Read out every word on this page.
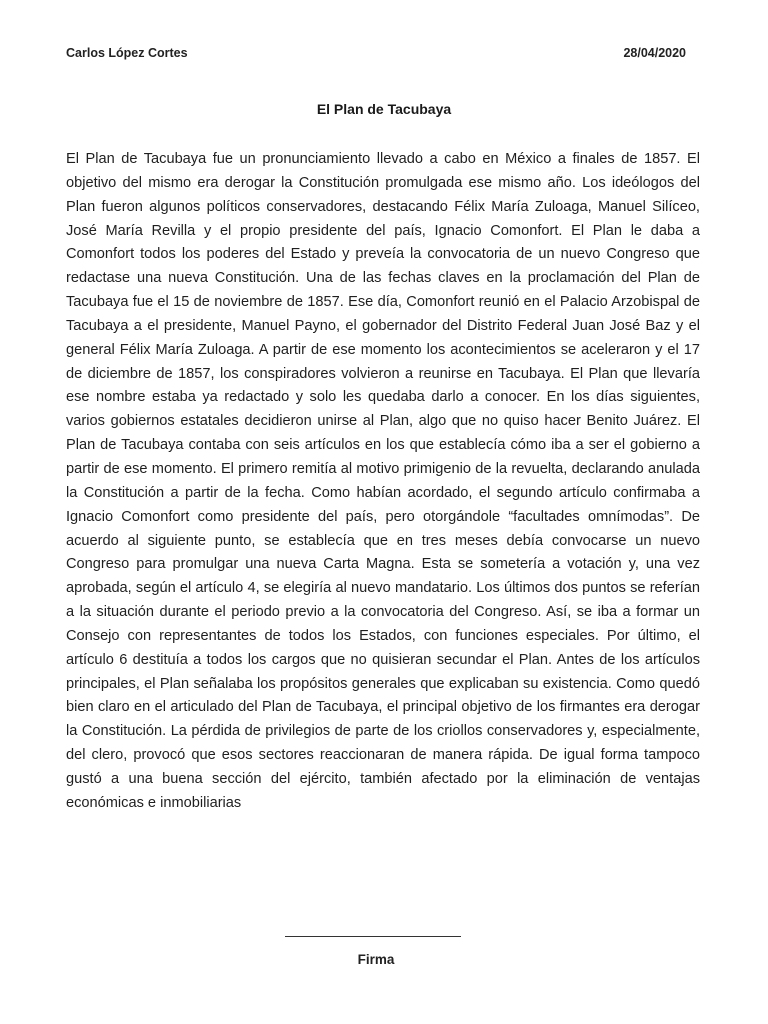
Carlos López Cortes	28/04/2020
El Plan de Tacubaya

El Plan de Tacubaya fue un pronunciamiento llevado a cabo en México a finales de 1857. El objetivo del mismo era derogar la Constitución promulgada ese mismo año. Los ideólogos del Plan fueron algunos políticos conservadores, destacando Félix María Zuloaga, Manuel Silíceo, José María Revilla y el propio presidente del país, Ignacio Comonfort. El Plan le daba a Comonfort todos los poderes del Estado y preveía la convocatoria de un nuevo Congreso que redactase una nueva Constitución. Una de las fechas claves en la proclamación del Plan de Tacubaya fue el 15 de noviembre de 1857. Ese día, Comonfort reunió en el Palacio Arzobispal de Tacubaya a el presidente, Manuel Payno, el gobernador del Distrito Federal Juan José Baz y el general Félix María Zuloaga. A partir de ese momento los acontecimientos se aceleraron y el 17 de diciembre de 1857, los conspiradores volvieron a reunirse en Tacubaya. El Plan que llevaría ese nombre estaba ya redactado y solo les quedaba darlo a conocer. En los días siguientes, varios gobiernos estatales decidieron unirse al Plan, algo que no quiso hacer Benito Juárez. El Plan de Tacubaya contaba con seis artículos en los que establecía cómo iba a ser el gobierno a partir de ese momento. El primero remitía al motivo primigenio de la revuelta, declarando anulada la Constitución a partir de la fecha. Como habían acordado, el segundo artículo confirmaba a Ignacio Comonfort como presidente del país, pero otorgándole “facultades omnímodas”. De acuerdo al siguiente punto, se establecía que en tres meses debía convocarse un nuevo Congreso para promulgar una nueva Carta Magna. Esta se sometería a votación y, una vez aprobada, según el artículo 4, se elegiría al nuevo mandatario. Los últimos dos puntos se referían a la situación durante el periodo previo a la convocatoria del Congreso. Así, se iba a formar un Consejo con representantes de todos los Estados, con funciones especiales. Por último, el artículo 6 destituía a todos los cargos que no quisieran secundar el Plan. Antes de los artículos principales, el Plan señalaba los propósitos generales que explicaban su existencia. Como quedó bien claro en el articulado del Plan de Tacubaya, el principal objetivo de los firmantes era derogar la Constitución. La pérdida de privilegios de parte de los criollos conservadores y, especialmente, del clero, provocó que esos sectores reaccionaran de manera rápida. De igual forma tampoco gustó a una buena sección del ejército, también afectado por la eliminación de ventajas económicas e inmobiliarias

Firma
